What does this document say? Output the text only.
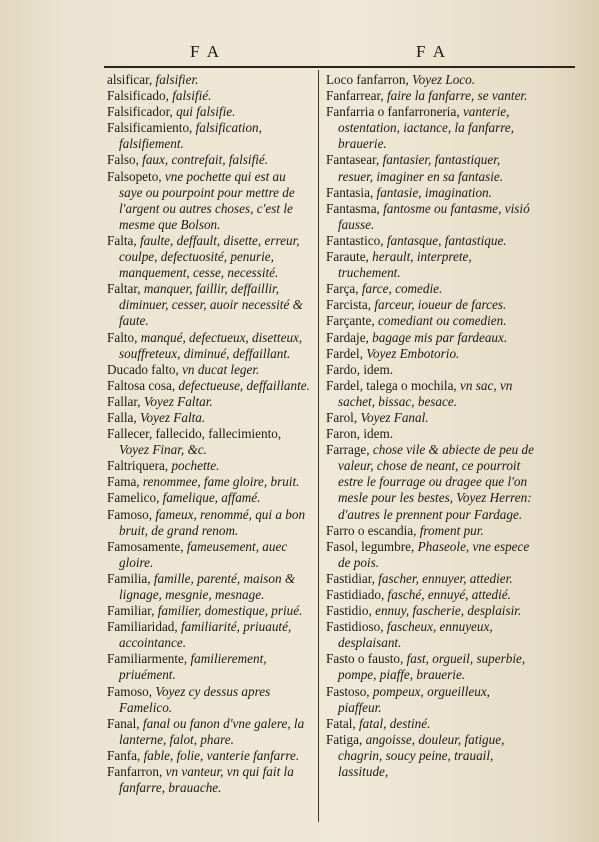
F A	F A

alsificar, falsifier.

Falsificado, falsifié.

Falsificador, qui falsifie.

Falsificamiento, falsification, falsifiement.

Falso, faux, contrefait, falsifié.

Falsopeto, vne pochette qui est au saye ou pourpoint pour mettre de l'argent ou autres choses, c'est le mesme que Bolson.

Falta, faulte, deffault, disette, erreur, coulpe, defectuosité, penurie, manquement, cesse, necessité.

Faltar, manquer, faillir, deffaillir, diminuer, cesser, auoir necessité & faute.

Falto, manqué, defectueux, disetteux, souffreteux, diminué, deffaillant.

Ducado falto, vn ducat leger.

Faltosa cosa, defectueuse, deffaillante.

Fallar, Voyez Faltar.

Falla, Voyez Falta.

Fallecer, fallecido, fallecimiento, Voyez Finar, &c.

Faltriquera, pochette.

Fama, renommee, fame gloire, bruit.

Famelico, famelique, affamé.

Famoso, fameux, renommé, qui a bon bruit, de grand renom.

Famosamente, fameusement, auec gloire.

Familia, famille, parenté, maison & lignage, mesgnie, mesnage.

Familiar, familier, domestique, priué.

Familiaridad, familiarité, priuauté, accointance.

Familiarmente, familierement, priuément.

Famoso, Voyez cy dessus apres Famelico.

Fanal, fanal ou fanon d'vne galere, la lanterne, falot, phare.

Fanfa, fable, folie, vanterie fanfarre.

Fanfarron, vn vanteur, vn qui fait la fanfarre, brauache.

Loco fanfarron, Voyez Loco.

Fanfarrear, faire la fanfarre, se vanter.

Fanfarria o fanfarroneria, vanterie, ostentation, iactance, la fanfarre, brauerie.

Fantasear, fantasier, fantastiquer, resuer, imaginer en sa fantasie.

Fantasia, fantasie, imagination.

Fantasma, fantosme ou fantasme, visió fausse.

Fantastico, fantasque, fantastique.

Faraute, herault, interprete, truchement.

Farça, farce, comedie.

Farcista, farceur, ioueur de farces.

Farçante, comediant ou comedien.

Fardaje, bagage mis par fardeaux.

Fardel, Voyez Embotorio.

Fardo, idem.

Fardel, talega o mochila, vn sac, vn sachet, bissac, besace.

Farol, Voyez Fanal.

Faron, idem.

Farrage, chose vile & abiecte de peu de valeur, chose de neant, ce pourroit estre le fourrage ou dragee que l'on mesle pour les bestes, Voyez Herren: d'autres le prennent pour Fardage.

Farro o escandia, froment pur.

Fasol, legumbre, Phaseole, vne espece de pois.

Fastidiar, fascher, ennuyer, attedier.

Fastidiado, fasché, ennuyé, attedié.

Fastidio, ennuy, fascherie, desplaisir.

Fastidioso, fascheux, ennuyeux, desplaisant.

Fasto o fausto, fast, orgueil, superbie, pompe, piaffe, brauerie.

Fastoso, pompeux, orgueilleux, piaffeur.

Fatal, fatal, destiné.

Fatiga, angoisse, douleur, fatigue, chagrin, soucy peine, trauail, lassitude,
